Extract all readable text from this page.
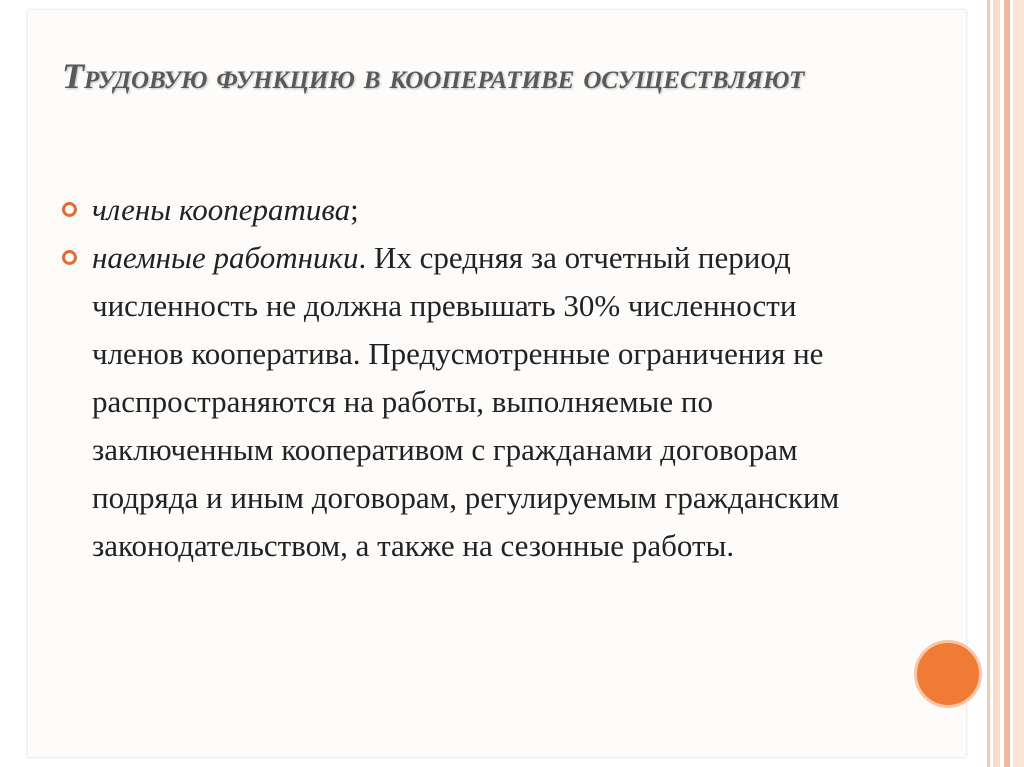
Трудовую функцию в кооперативе осуществляют
члены кооператива;
наемные работники. Их средняя за отчетный период численность не должна превышать 30% численности членов кооператива. Предусмотренные ограничения не распространяются на работы, выполняемые по заключенным кооперативом с гражданами договорам подряда и иным договорам, регулируемым гражданским законодательством, а также на сезонные работы.
